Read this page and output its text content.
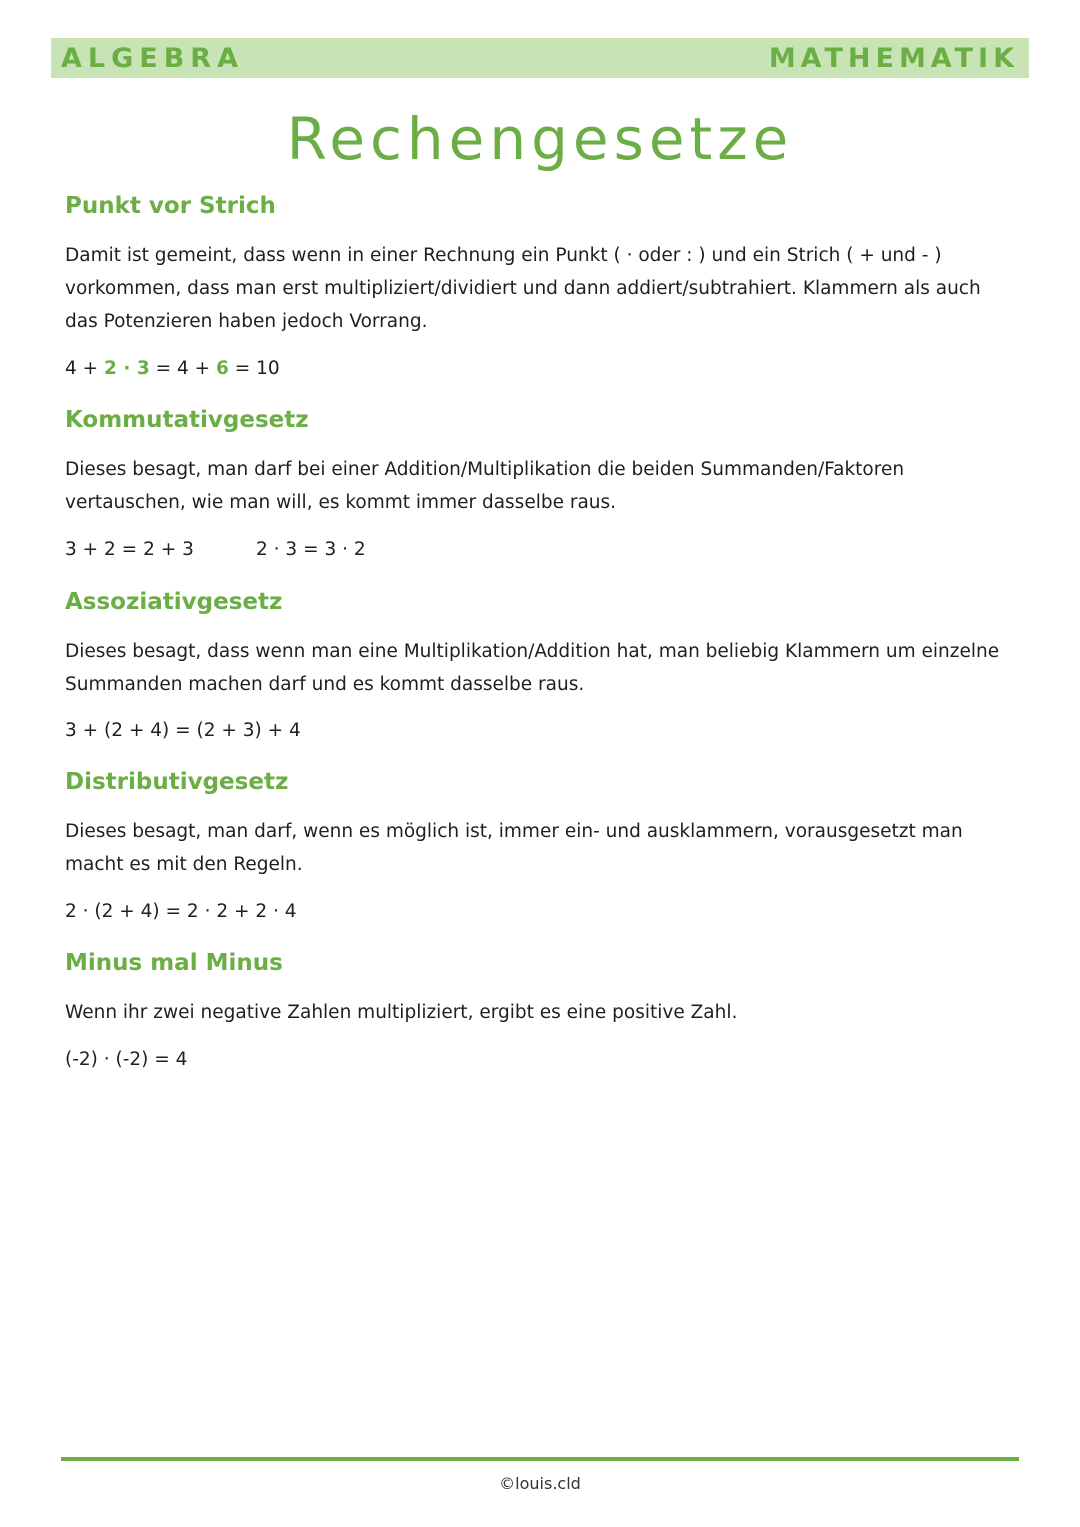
ALGEBRA	MATHEMATIK
Rechengesetze
Punkt vor Strich

Damit ist gemeint, dass wenn in einer Rechnung ein Punkt ( · oder : ) und ein Strich ( + und - ) vorkommen, dass man erst multipliziert/dividiert und dann addiert/subtrahiert. Klammern als auch das Potenzieren haben jedoch Vorrang.

4 + 2 · 3 = 4 + 6 = 10
Kommutativgesetz

Dieses besagt, man darf bei einer Addition/Multiplikation die beiden Summanden/Faktoren vertauschen, wie man will, es kommt immer dasselbe raus.

3 + 2 = 2 + 3	2 · 3 = 3 · 2
Assoziativgesetz

Dieses besagt, dass wenn man eine Multiplikation/Addition hat, man beliebig Klammern um einzelne Summanden machen darf und es kommt dasselbe raus.

3 + (2 + 4) = (2 + 3) + 4
Distributivgesetz

Dieses besagt, man darf, wenn es möglich ist, immer ein- und ausklammern, vorausgesetzt man macht es mit den Regeln.

2 · (2 + 4) = 2 · 2 + 2 · 4
Minus mal Minus

Wenn ihr zwei negative Zahlen multipliziert, ergibt es eine positive Zahl.

(-2) · (-2) = 4
©louis.cld
